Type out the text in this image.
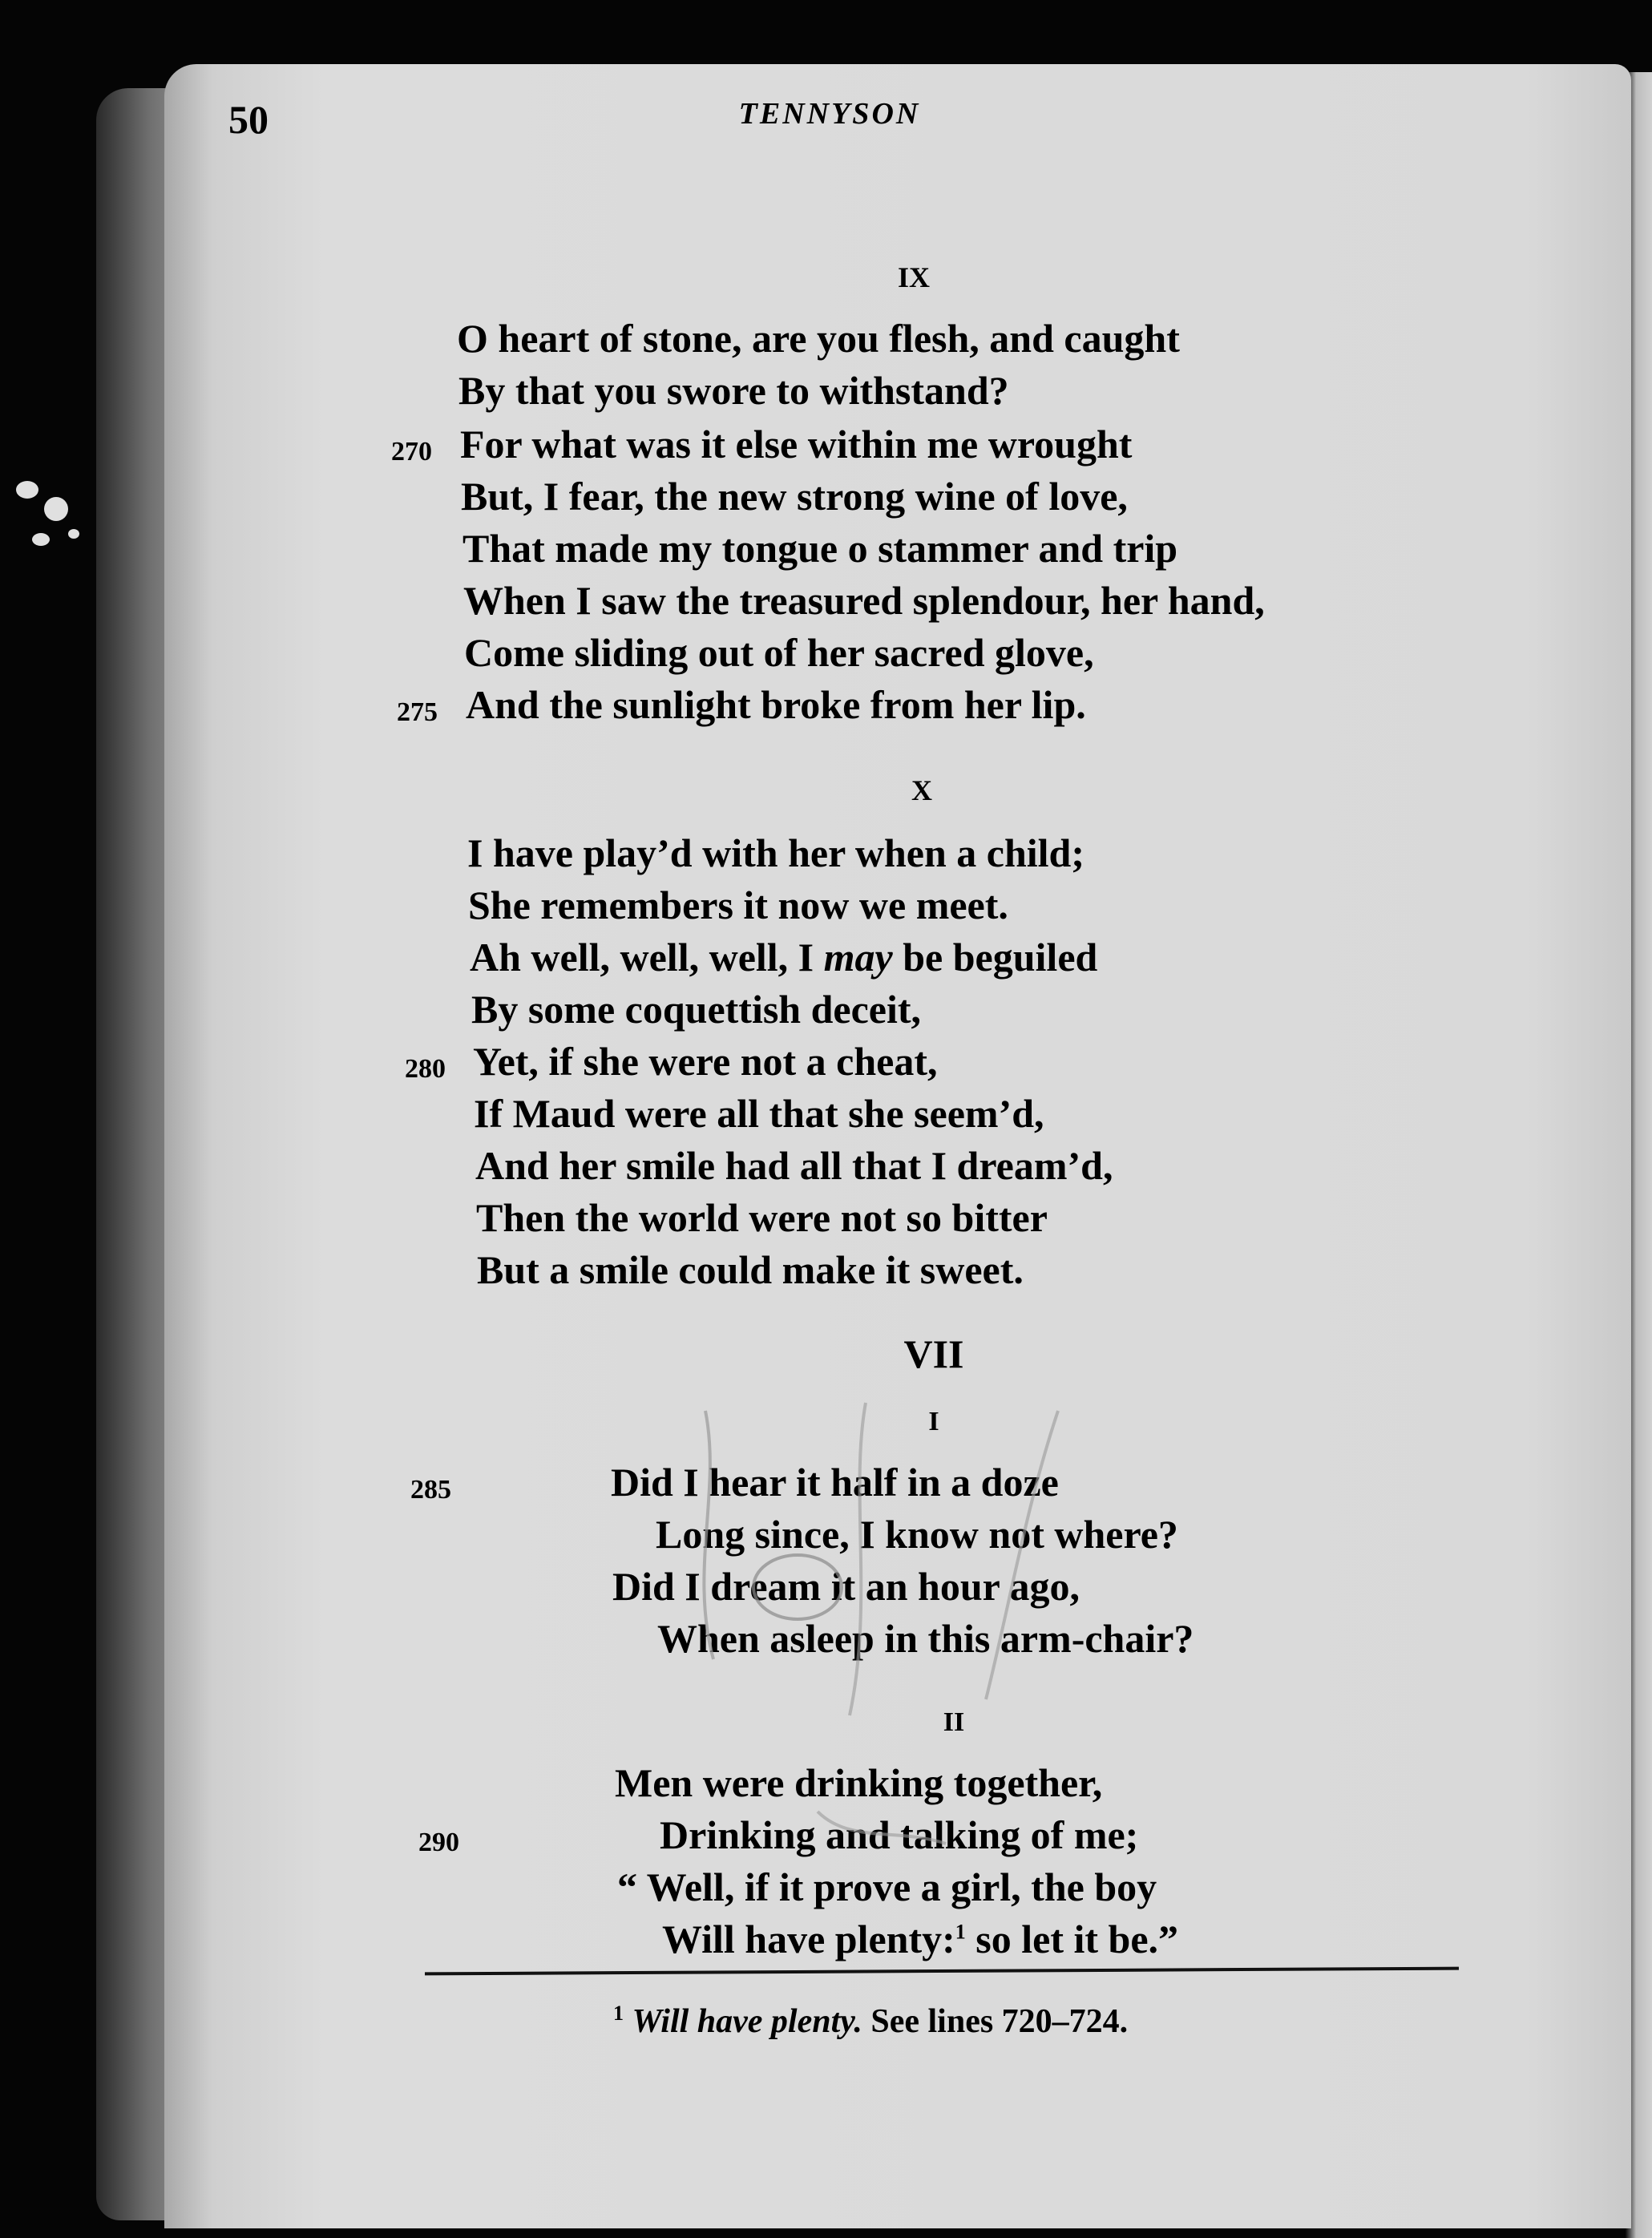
50	TENNYSON

IX

O heart of stone, are you flesh, and caught

By that you swore to withstand?

270 For what was it else within me wrought

But, I fear, the new strong wine of love,

That made my tongue o stammer and trip

When I saw the treasured splendour, her hand,

Come sliding out of her sacred glove,

275 And the sunlight broke from her lip.

X

I have play’d with her when a child;

She remembers it now we meet.

Ah well, well, well, I may be beguiled

By some coquettish deceit,

280 Yet, if she were not a cheat,

If Maud were all that she seem’d,

And her smile had all that I dream’d,

Then the world were not so bitter

But a smile could make it sweet.

VII

I

285	Did I hear it half in a doze

Long since, I know not where?

Did I dream it an hour ago,

When asleep in this arm-chair?

II

Men were drinking together,

290	Drinking and talking of me;

“ Well, if it prove a girl, the boy

Will have plenty:$^1$ so let it be.”

$^1$ Will have plenty. See lines 720–724.
